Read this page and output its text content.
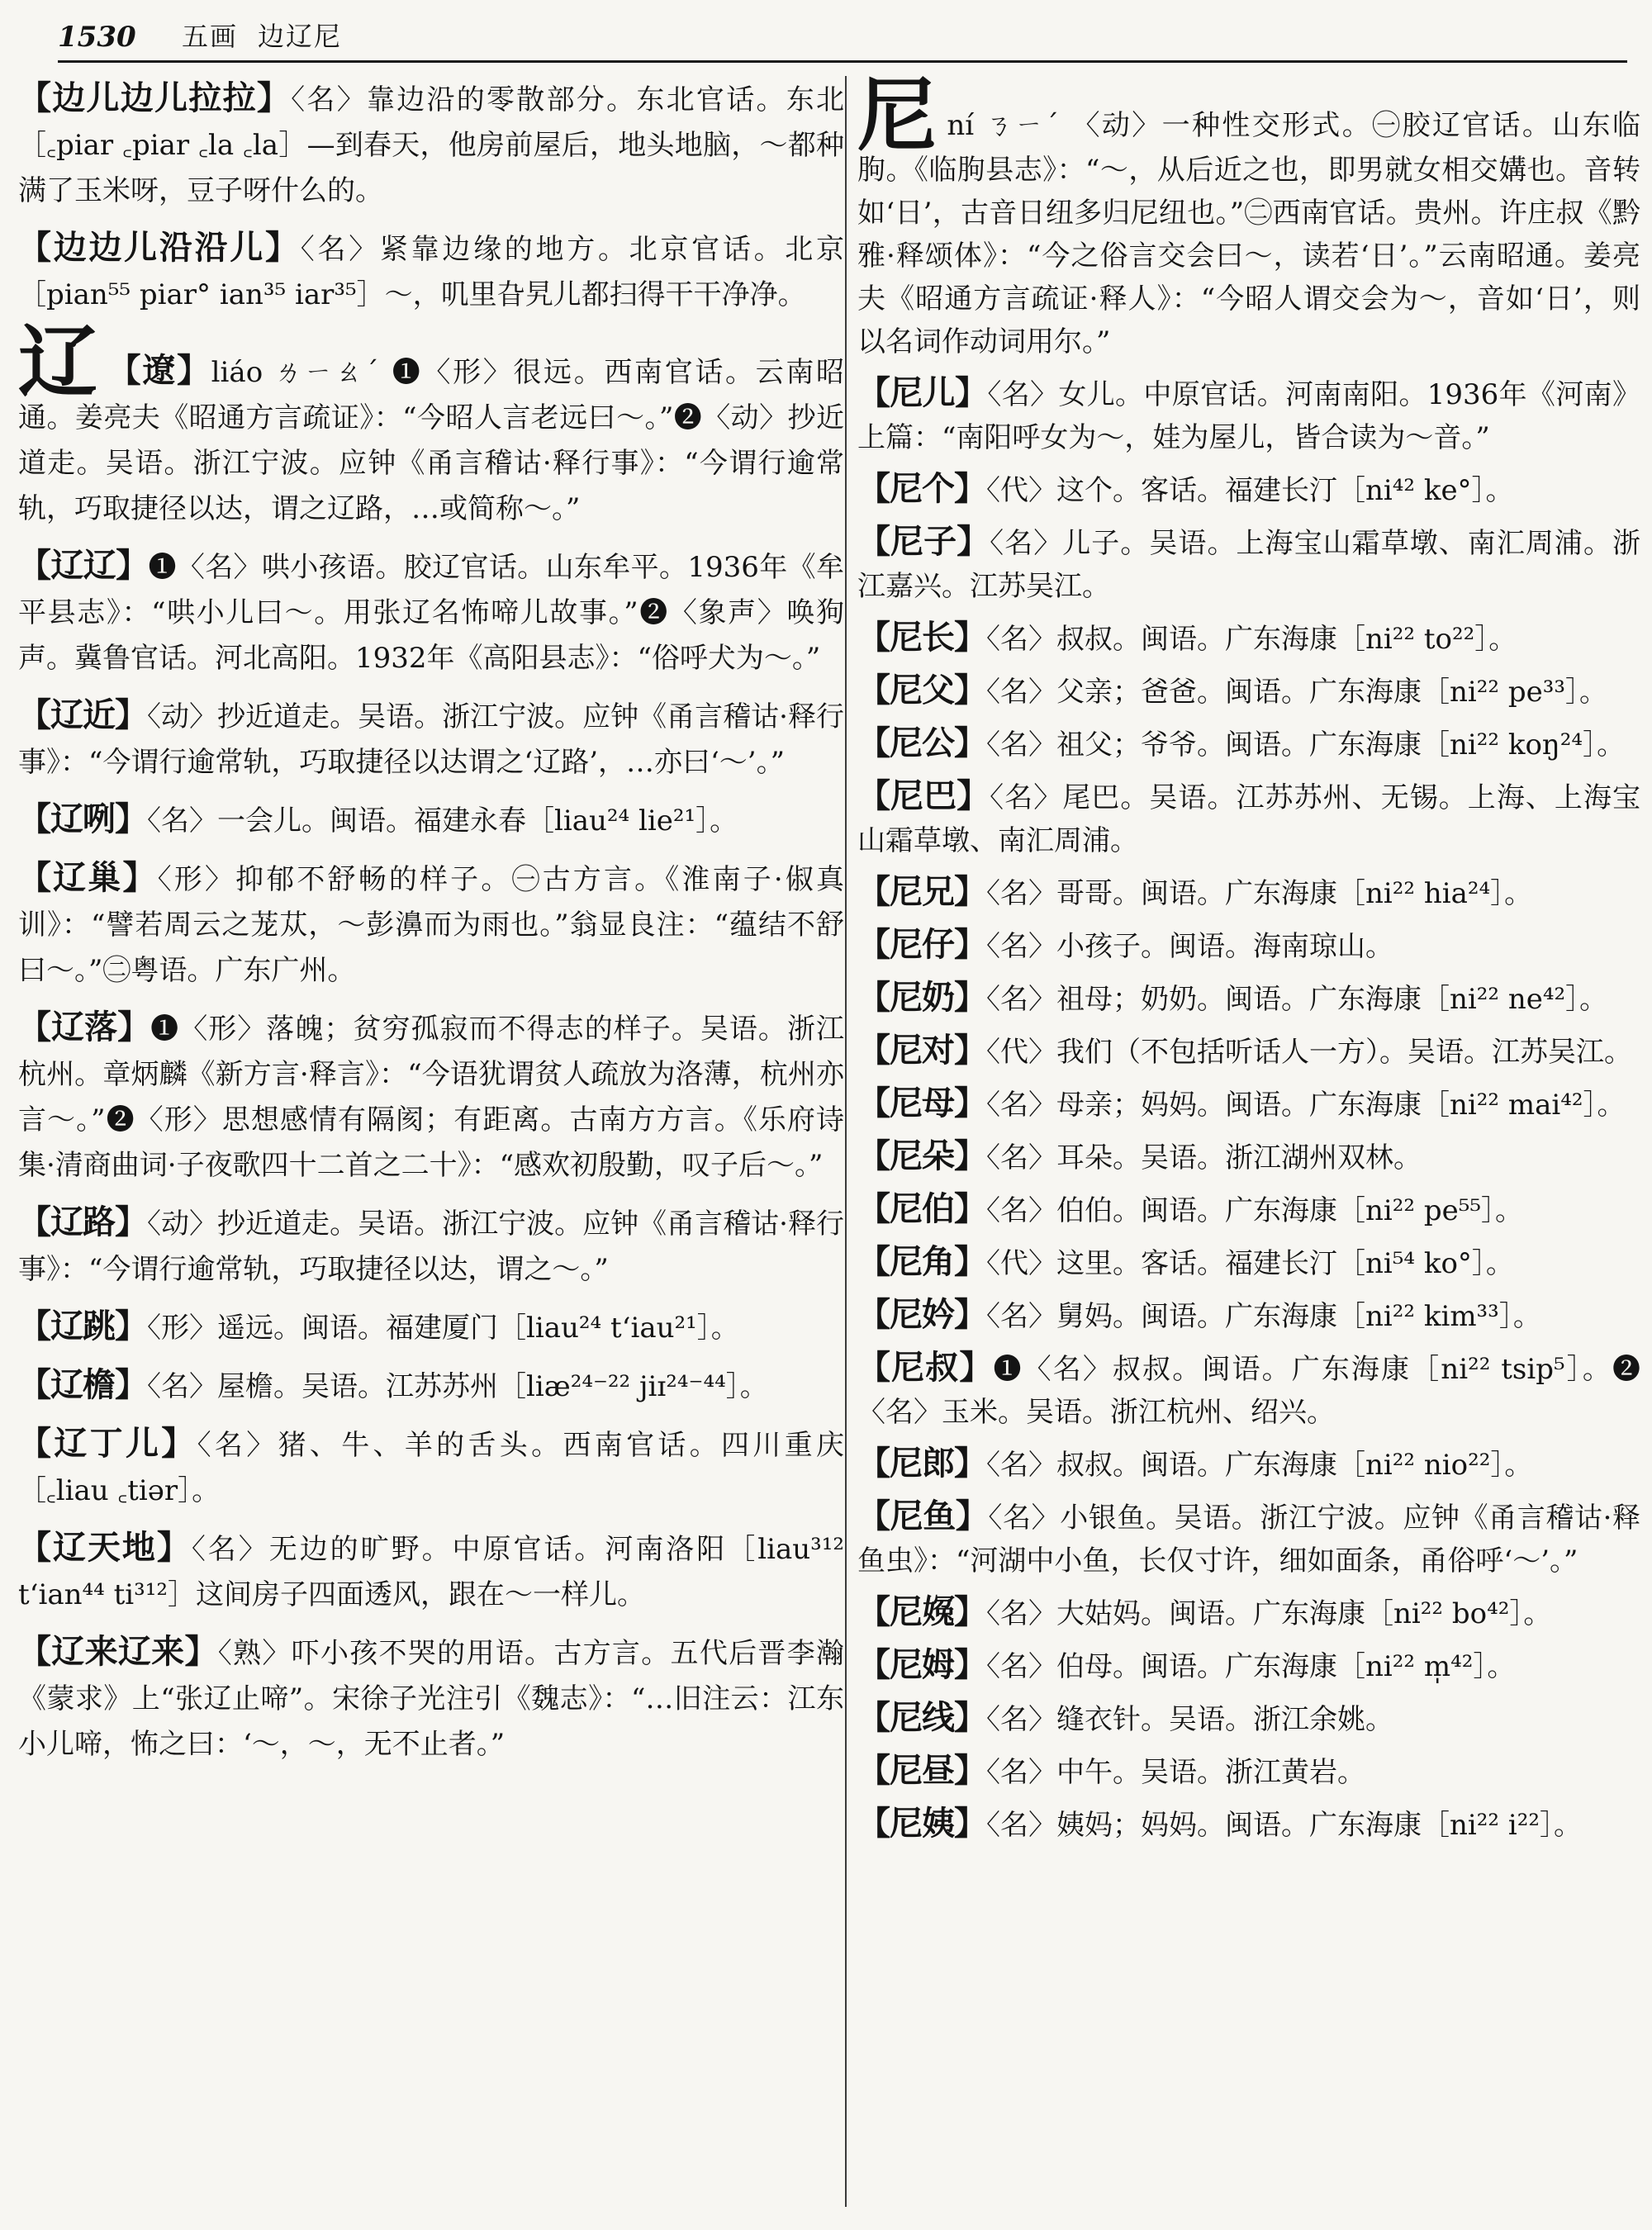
1530	五画 边辽尼
【边儿边儿拉拉】〈名〉靠边沿的零散部分。东北官话。东北［꜀piar ꜀piar ꜀la ꜀la］—到春天，他房前屋后，地头地脑，～都种满了玉米呀，豆子呀什么的。
【边边儿沿沿儿】〈名〉紧靠边缘的地方。北京官话。北京［pian⁵⁵ piar° ian³⁵ iar³⁵］～，叽里旮旯儿都扫得干干净净。
辽 【遼】liáo ㄌㄧㄠˊ ❶〈形〉很远。西南官话。云南昭通。姜亮夫《昭通方言疏证》：“今昭人言老远曰～。”❷〈动〉抄近道走。吴语。浙江宁波。应钟《甬言稽诂·释行事》：“今谓行逾常轨，巧取捷径以达，谓之辽路，…或简称～。”
【辽辽】❶〈名〉哄小孩语。胶辽官话。山东牟平。1936年《牟平县志》：“哄小儿曰～。用张辽名怖啼儿故事。”❷〈象声〉唤狗声。冀鲁官话。河北高阳。1932年《高阳县志》：“俗呼犬为～。”
【辽近】〈动〉抄近道走。吴语。浙江宁波。应钟《甬言稽诂·释行事》：“今谓行逾常轨，巧取捷径以达谓之‘辽路’，…亦曰‘～’。”
【辽咧】〈名〉一会儿。闽语。福建永春［liau²⁴ lie²¹］。
【辽巢】〈形〉抑郁不舒畅的样子。㊀古方言。《淮南子·俶真训》：“譬若周云之茏苁，～彭濞而为雨也。”翁显良注：“蕴结不舒曰～。”㊁粤语。广东广州。
【辽落】❶〈形〉落魄；贫穷孤寂而不得志的样子。吴语。浙江杭州。章炳麟《新方言·释言》：“今语犹谓贫人疏放为洛薄，杭州亦言～。”❷〈形〉思想感情有隔阂；有距离。古南方方言。《乐府诗集·清商曲词·子夜歌四十二首之二十》：“感欢初殷勤，叹子后～。”
【辽路】〈动〉抄近道走。吴语。浙江宁波。应钟《甬言稽诂·释行事》：“今谓行逾常轨，巧取捷径以达，谓之～。”
【辽跳】〈形〉遥远。闽语。福建厦门［liau²⁴ t‘iau²¹］。
【辽檐】〈名〉屋檐。吴语。江苏苏州［liæ²⁴⁻²² jiɪ²⁴⁻⁴⁴］。
【辽丁儿】〈名〉猪、牛、羊的舌头。西南官话。四川重庆［꜀liau ꜀tiər］。
【辽天地】〈名〉无边的旷野。中原官话。河南洛阳［liau³¹² t‘ian⁴⁴ ti³¹²］这间房子四面透风，跟在～一样儿。
【辽来辽来】〈熟〉吓小孩不哭的用语。古方言。五代后晋李瀚《蒙求》上“张辽止啼”。宋徐子光注引《魏志》：“…旧注云：江东小儿啼，怖之曰：‘～，～，无不止者。”
尼ní ㄋㄧˊ 〈动〉一种性交形式。㊀胶辽官话。山东临朐。《临朐县志》：“～，从后近之也，即男就女相交媾也。音转如‘日’，古音日纽多归尼纽也。”㊁西南官话。贵州。许庄叔《黔雅·释颂体》：“今之俗言交会曰～，读若‘日’。”云南昭通。姜亮夫《昭通方言疏证·释人》：“今昭人谓交会为～，音如‘日’，则以名词作动词用尔。”
【尼儿】〈名〉女儿。中原官话。河南南阳。1936年《河南》上篇：“南阳呼女为～，娃为屋儿，皆合读为～音。”
【尼个】〈代〉这个。客话。福建长汀［ni⁴² ke°］。
【尼子】〈名〉儿子。吴语。上海宝山霜草墩、南汇周浦。浙江嘉兴。江苏吴江。
【尼长】〈名〉叔叔。闽语。广东海康［ni²² to²²］。
【尼父】〈名〉父亲；爸爸。闽语。广东海康［ni²² pe³³］。
【尼公】〈名〉祖父；爷爷。闽语。广东海康［ni²² koŋ²⁴］。
【尼巴】〈名〉尾巴。吴语。江苏苏州、无锡。上海、上海宝山霜草墩、南汇周浦。
【尼兄】〈名〉哥哥。闽语。广东海康［ni²² hia²⁴］。
【尼仔】〈名〉小孩子。闽语。海南琼山。
【尼奶】〈名〉祖母；奶奶。闽语。广东海康［ni²² ne⁴²］。
【尼对】〈代〉我们（不包括听话人一方）。吴语。江苏吴江。
【尼母】〈名〉母亲；妈妈。闽语。广东海康［ni²² mai⁴²］。
【尼朵】〈名〉耳朵。吴语。浙江湖州双林。
【尼伯】〈名〉伯伯。闽语。广东海康［ni²² pe⁵⁵］。
【尼角】〈代〉这里。客话。福建长汀［ni⁵⁴ ko°］。
【尼妗】〈名〉舅妈。闽语。广东海康［ni²² kim³³］。
【尼叔】❶〈名〉叔叔。闽语。广东海康［ni²² tsip⁵］。❷〈名〉玉米。吴语。浙江杭州、绍兴。
【尼郎】〈名〉叔叔。闽语。广东海康［ni²² nio²²］。
【尼鱼】〈名〉小银鱼。吴语。浙江宁波。应钟《甬言稽诂·释鱼虫》：“河湖中小鱼，长仅寸许，细如面条，甬俗呼‘～’。”
【尼𡟰】〈名〉大姑妈。闽语。广东海康［ni²² bo⁴²］。
【尼姆】〈名〉伯母。闽语。广东海康［ni²² m̩⁴²］。
【尼线】〈名〉缝衣针。吴语。浙江余姚。
【尼昼】〈名〉中午。吴语。浙江黄岩。
【尼姨】〈名〉姨妈；妈妈。闽语。广东海康［ni²² i²²］。
